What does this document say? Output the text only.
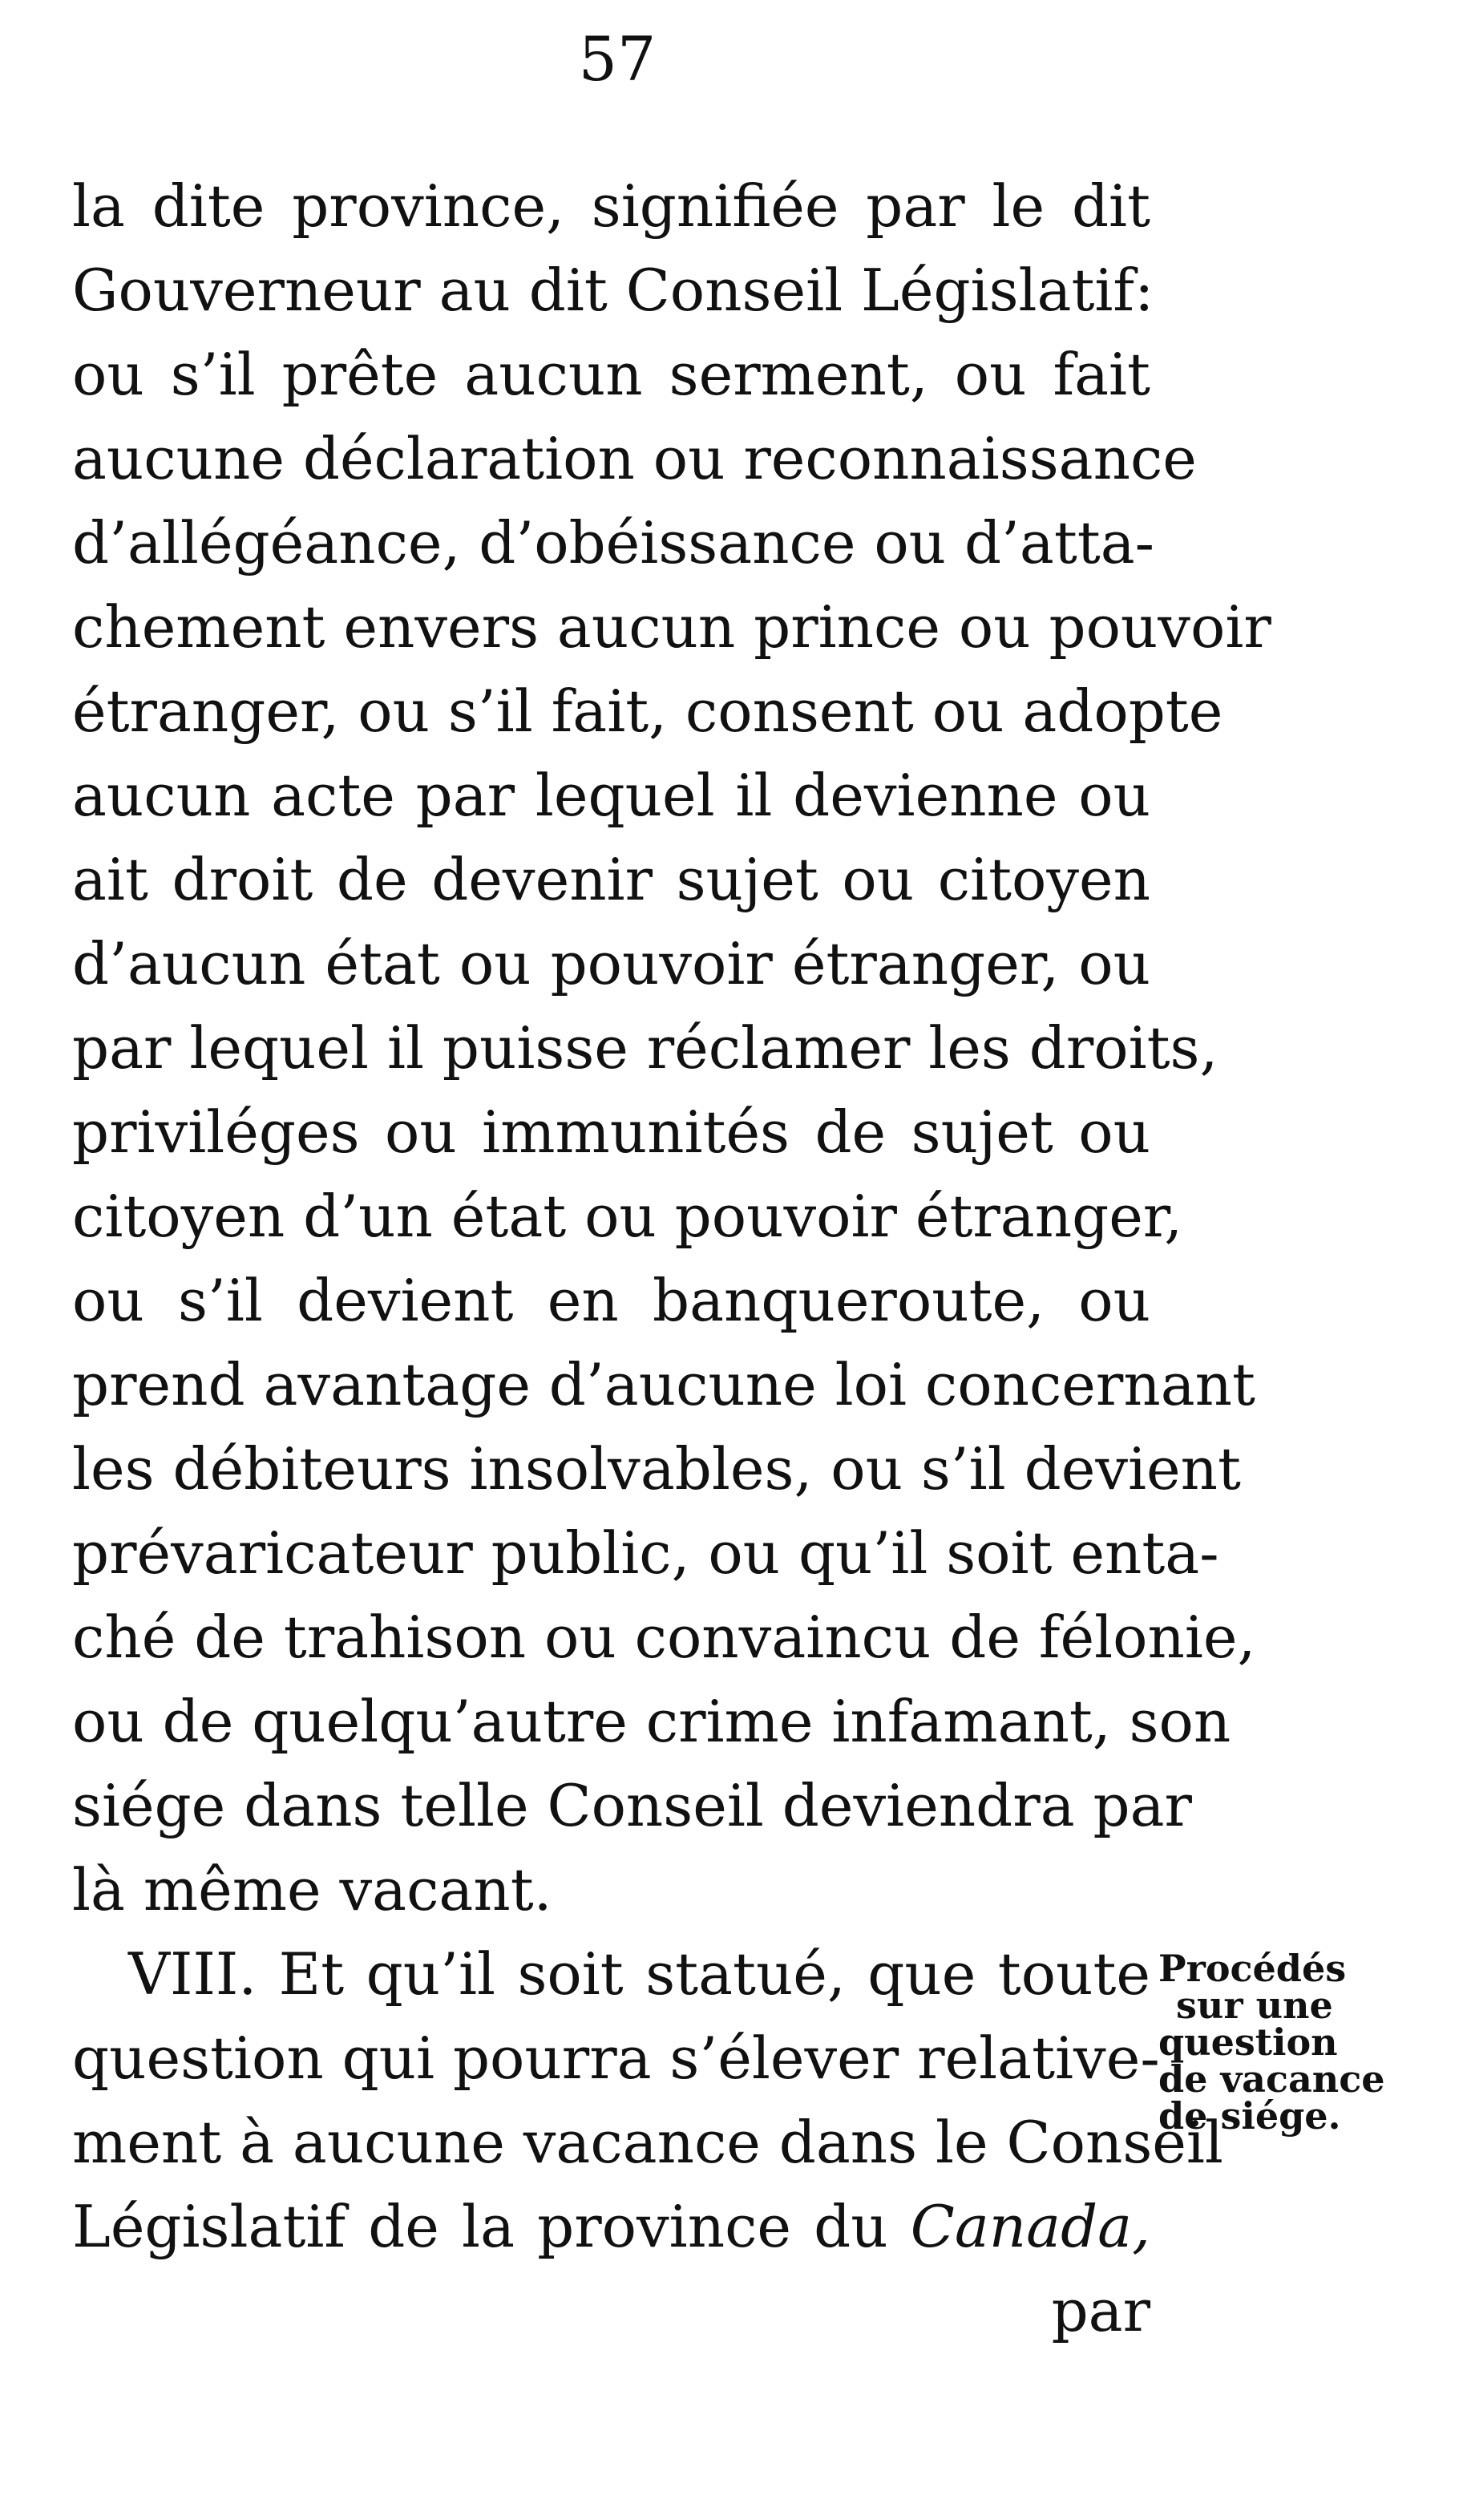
57
la dite province, signifiée par le dit
Gouverneur au dit Conseil Législatif:
ou s’il prête aucun serment, ou fait
aucune déclaration ou reconnaissance
d’allégéance, d’obéissance ou d’atta-
chement envers aucun prince ou pouvoir
étranger, ou s’il fait, consent ou adopte
aucun acte par lequel il devienne ou
ait droit de devenir sujet ou citoyen
d’aucun état ou pouvoir étranger, ou
par lequel il puisse réclamer les droits,
priviléges ou immunités de sujet ou
citoyen d’un état ou pouvoir étranger,
ou s’il devient en banqueroute, ou
prend avantage d’aucune loi concernant
les débiteurs insolvables, ou s’il devient
prévaricateur public, ou qu’il soit enta-
ché de trahison ou convaincu de félonie,
ou de quelqu’autre crime infamant, son
siége dans telle Conseil deviendra par
là même vacant.
VIII. Et qu’il soit statué, que toute
question qui pourra s’élever relative-
ment à aucune vacance dans le Conseil
Législatif de la province du Canada,
par
Procédés
sur une
question
de vacance
de siége.
